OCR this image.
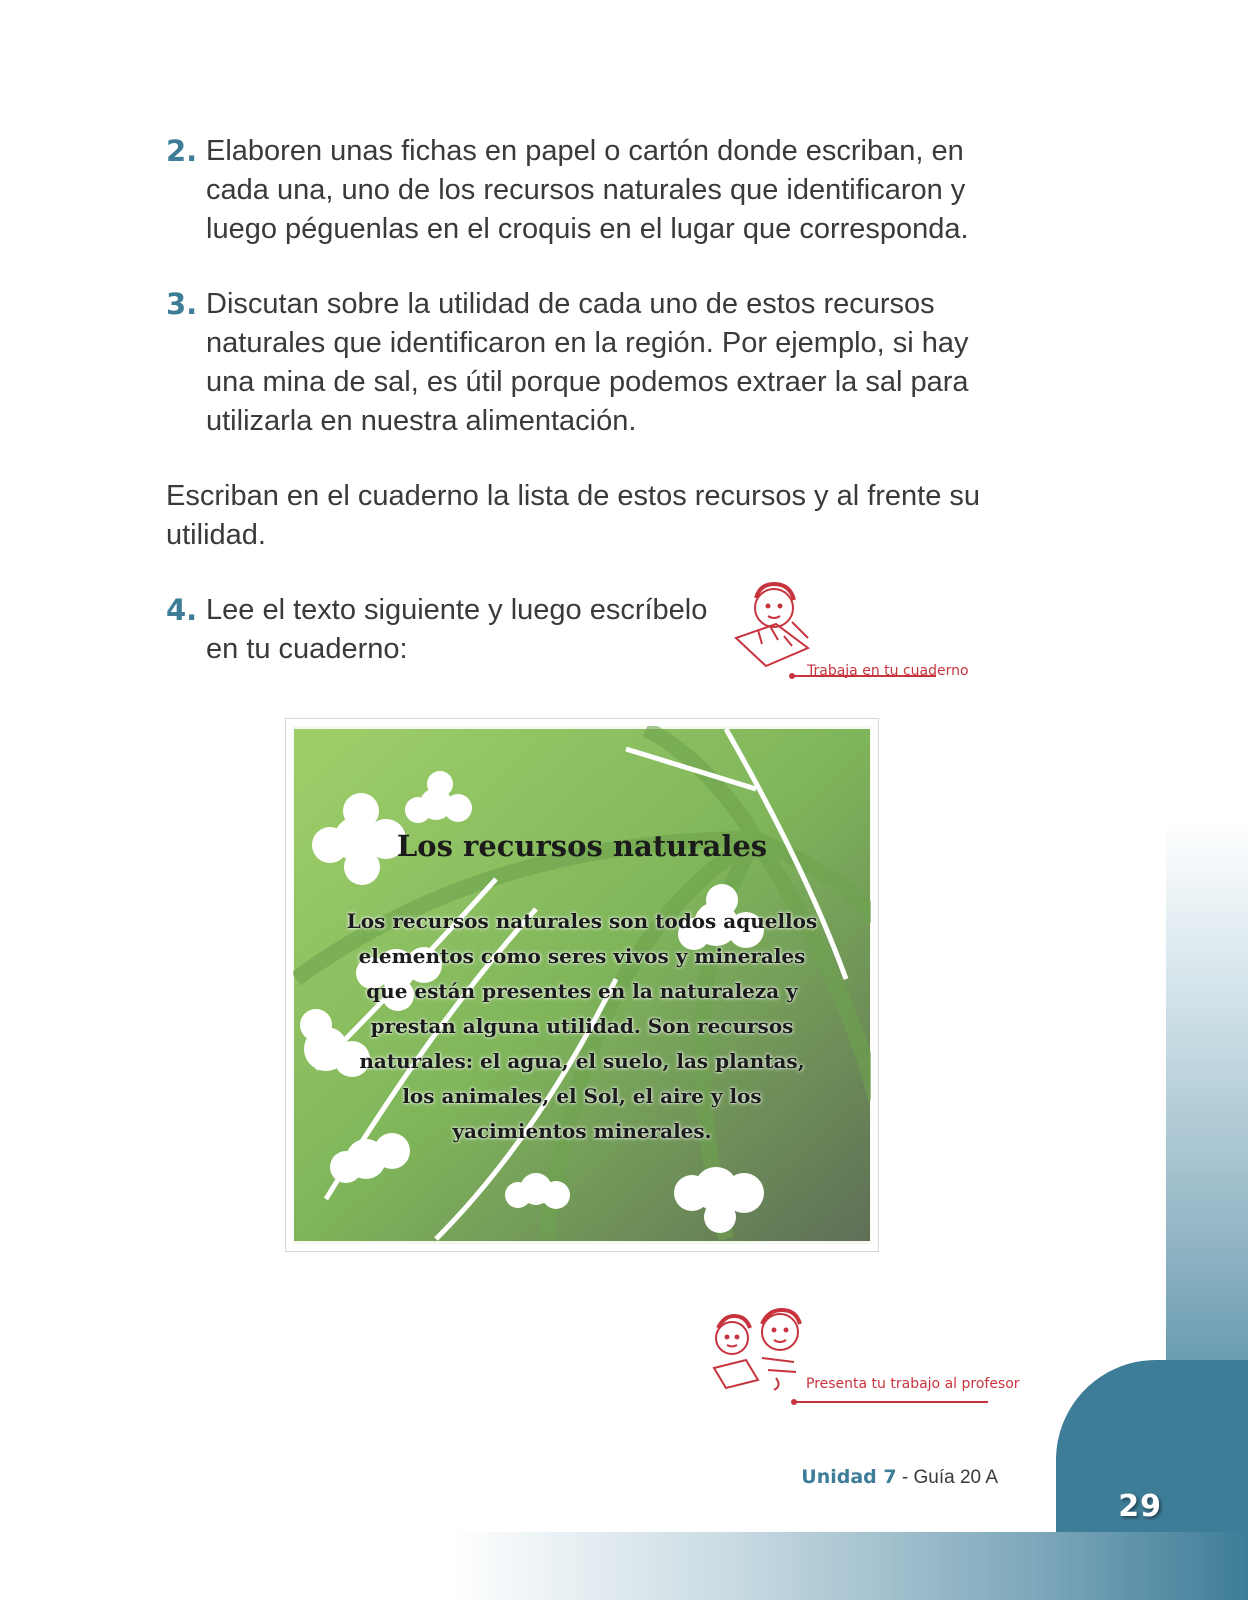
29
2. Elaboren unas fichas en papel o cartón donde escriban, en cada una, uno de los recursos naturales que identificaron y luego péguenlas en el croquis en el lugar que corresponda.
3. Discutan sobre la utilidad de cada uno de estos recursos naturales que identificaron en la región. Por ejemplo, si hay una mina de sal, es útil porque podemos extraer la sal para utilizarla en nuestra alimentación.
Escriban en el cuaderno la lista de estos recursos y al frente su utilidad.
4. Lee el texto siguiente y luego escríbelo en tu cuaderno:
Trabaja en tu cuaderno
Los recursos naturales
Los recursos naturales son todos aquellos elementos como seres vivos y minerales que están presentes en la naturaleza y prestan alguna utilidad. Son recursos naturales: el agua, el suelo, las plantas, los animales, el Sol, el aire y los yacimientos minerales.
Presenta tu trabajo al profesor
Unidad 7 - Guía 20 A
